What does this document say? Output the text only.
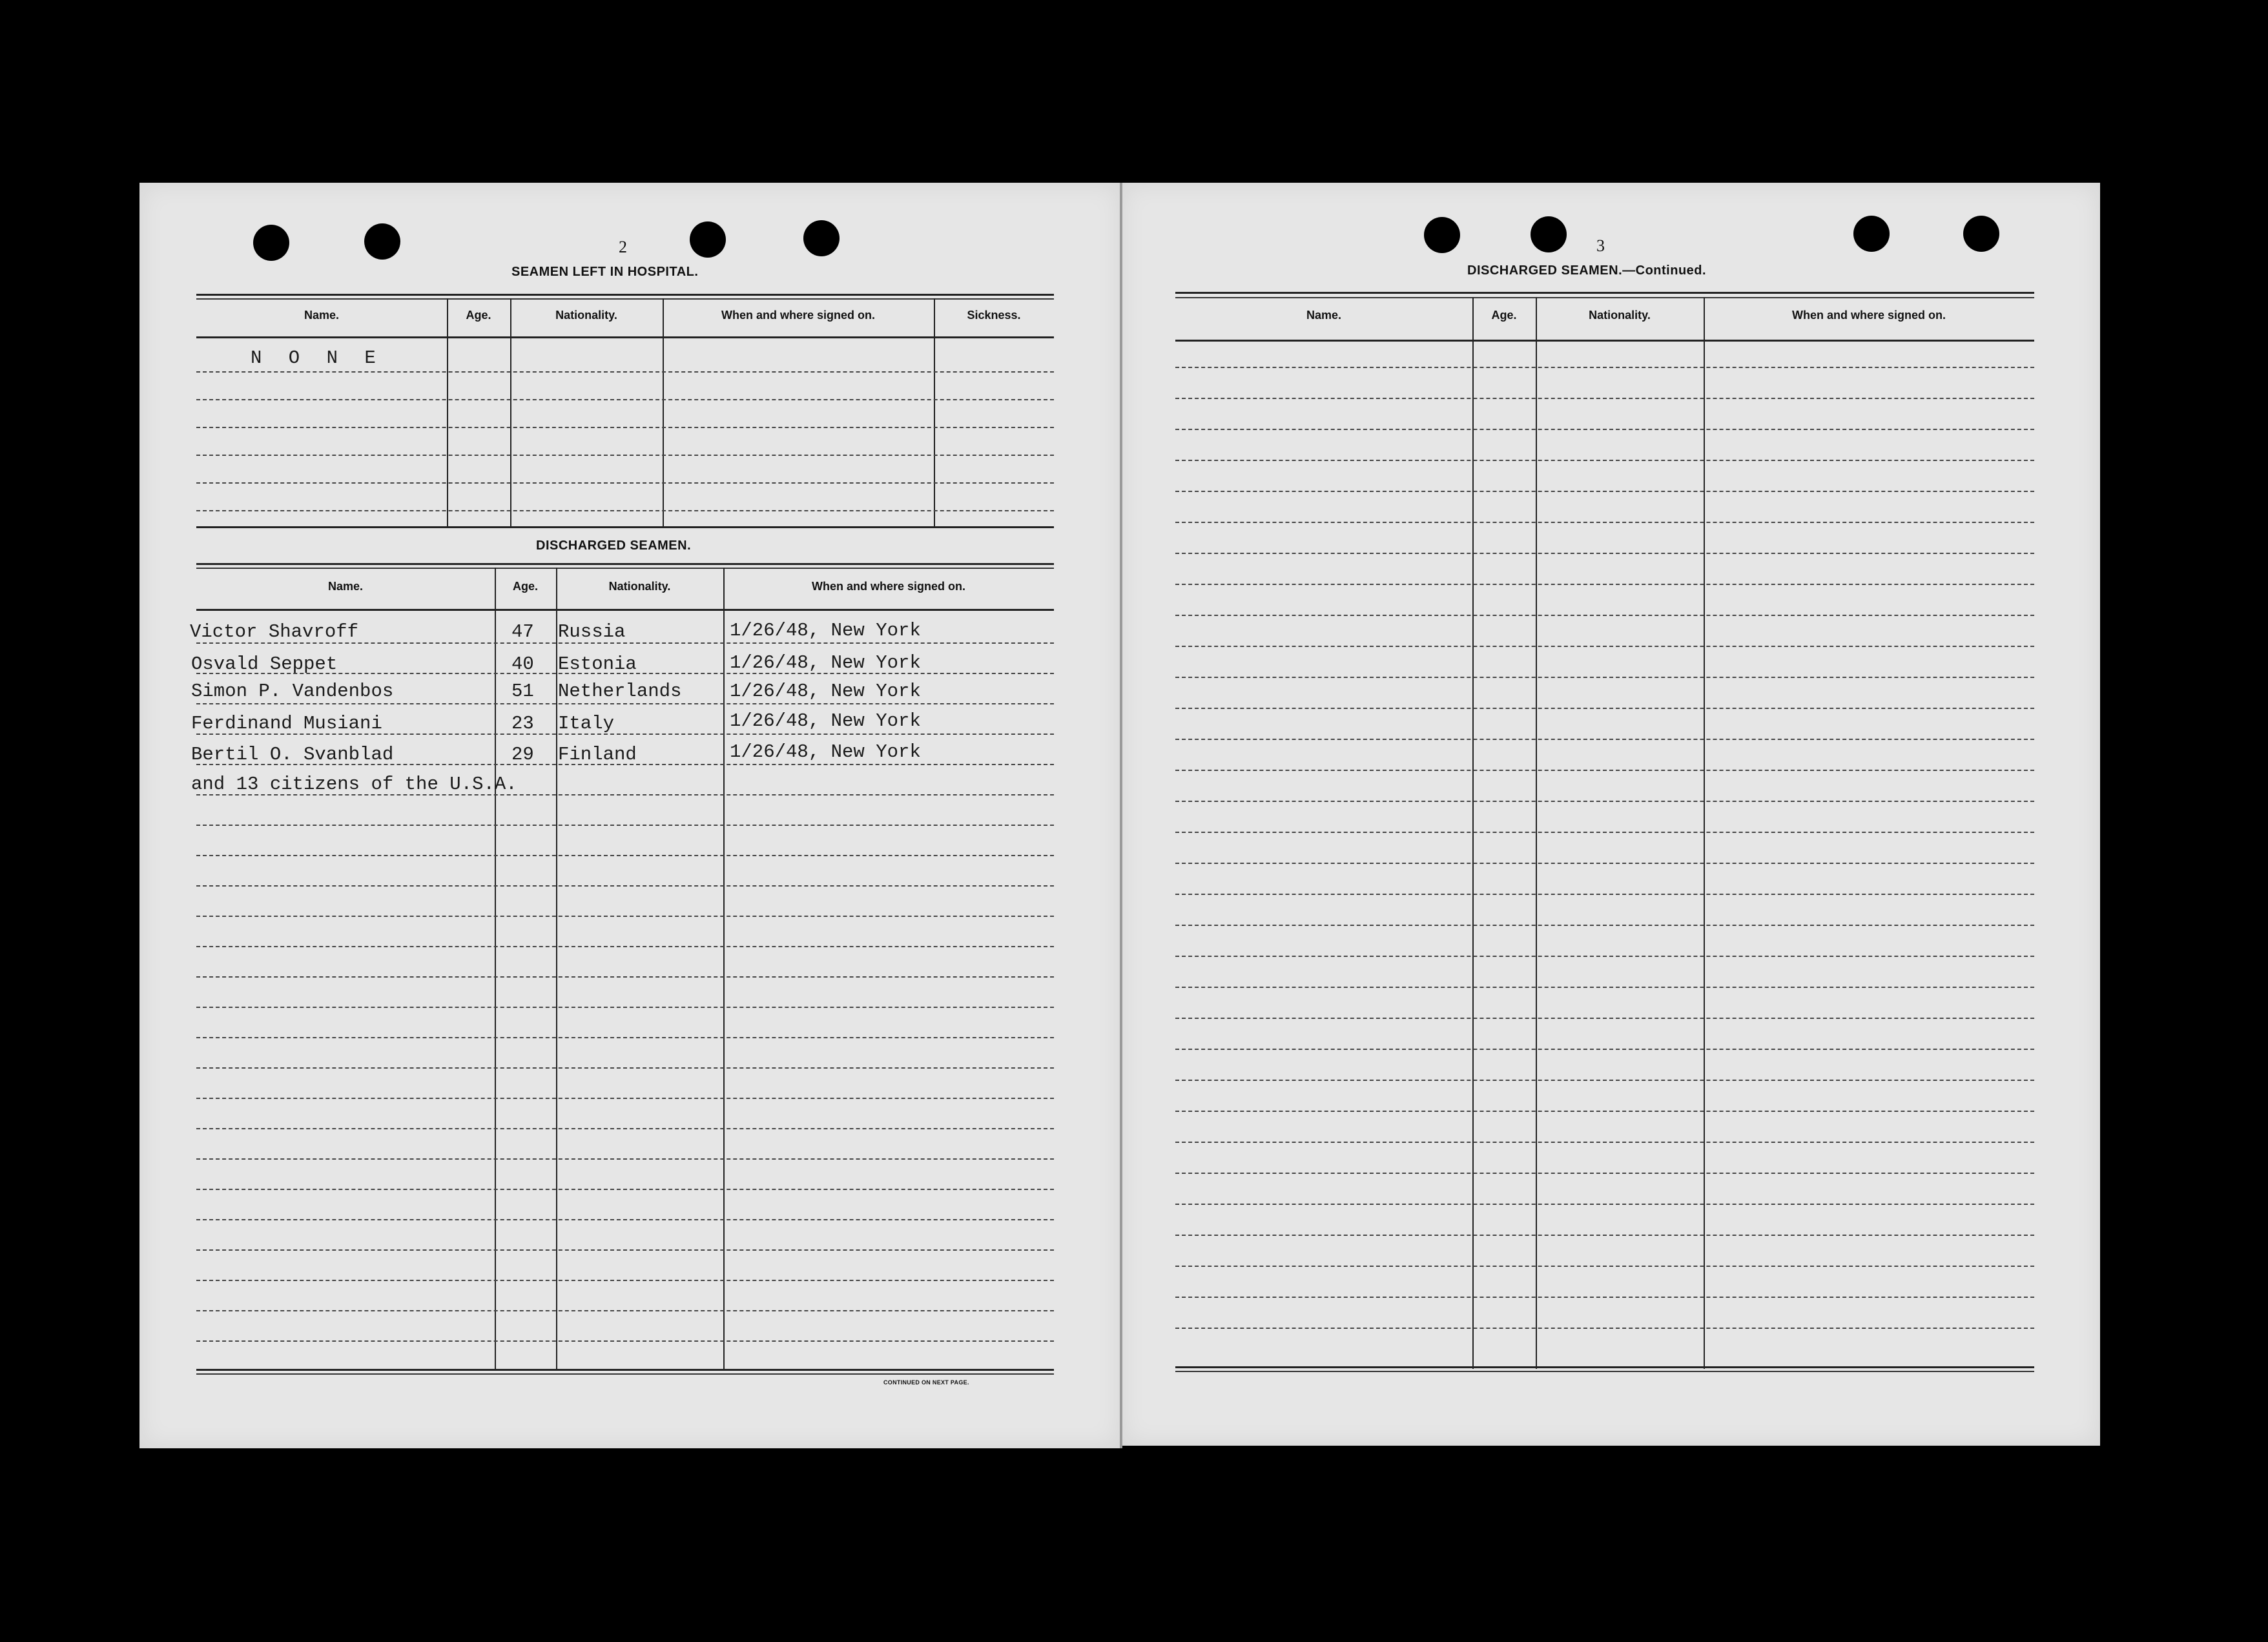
2
SEAMEN LEFT IN HOSPITAL.
Name.	Age.	Nationality.	When and where signed on.	Sickness.
N O N E
DISCHARGED SEAMEN.
Name.	Age.	Nationality.	When and where signed on.
Victor Shavroff	47 Russia	1/26/48, New York
Osvald Seppet	40 Estonia	1/26/48, New York
Simon P. Vandenbos	51 Netherlands	1/26/48, New York
Ferdinand Musiani	23 Italy	1/26/48, New York
Bertil O. Svanblad	29 Finland	1/26/48, New York
and 13 citizens of the U.S.A.
CONTINUED ON NEXT PAGE.
3
DISCHARGED SEAMEN.—Continued.
Name.	Age.	Nationality.	When and where signed on.
